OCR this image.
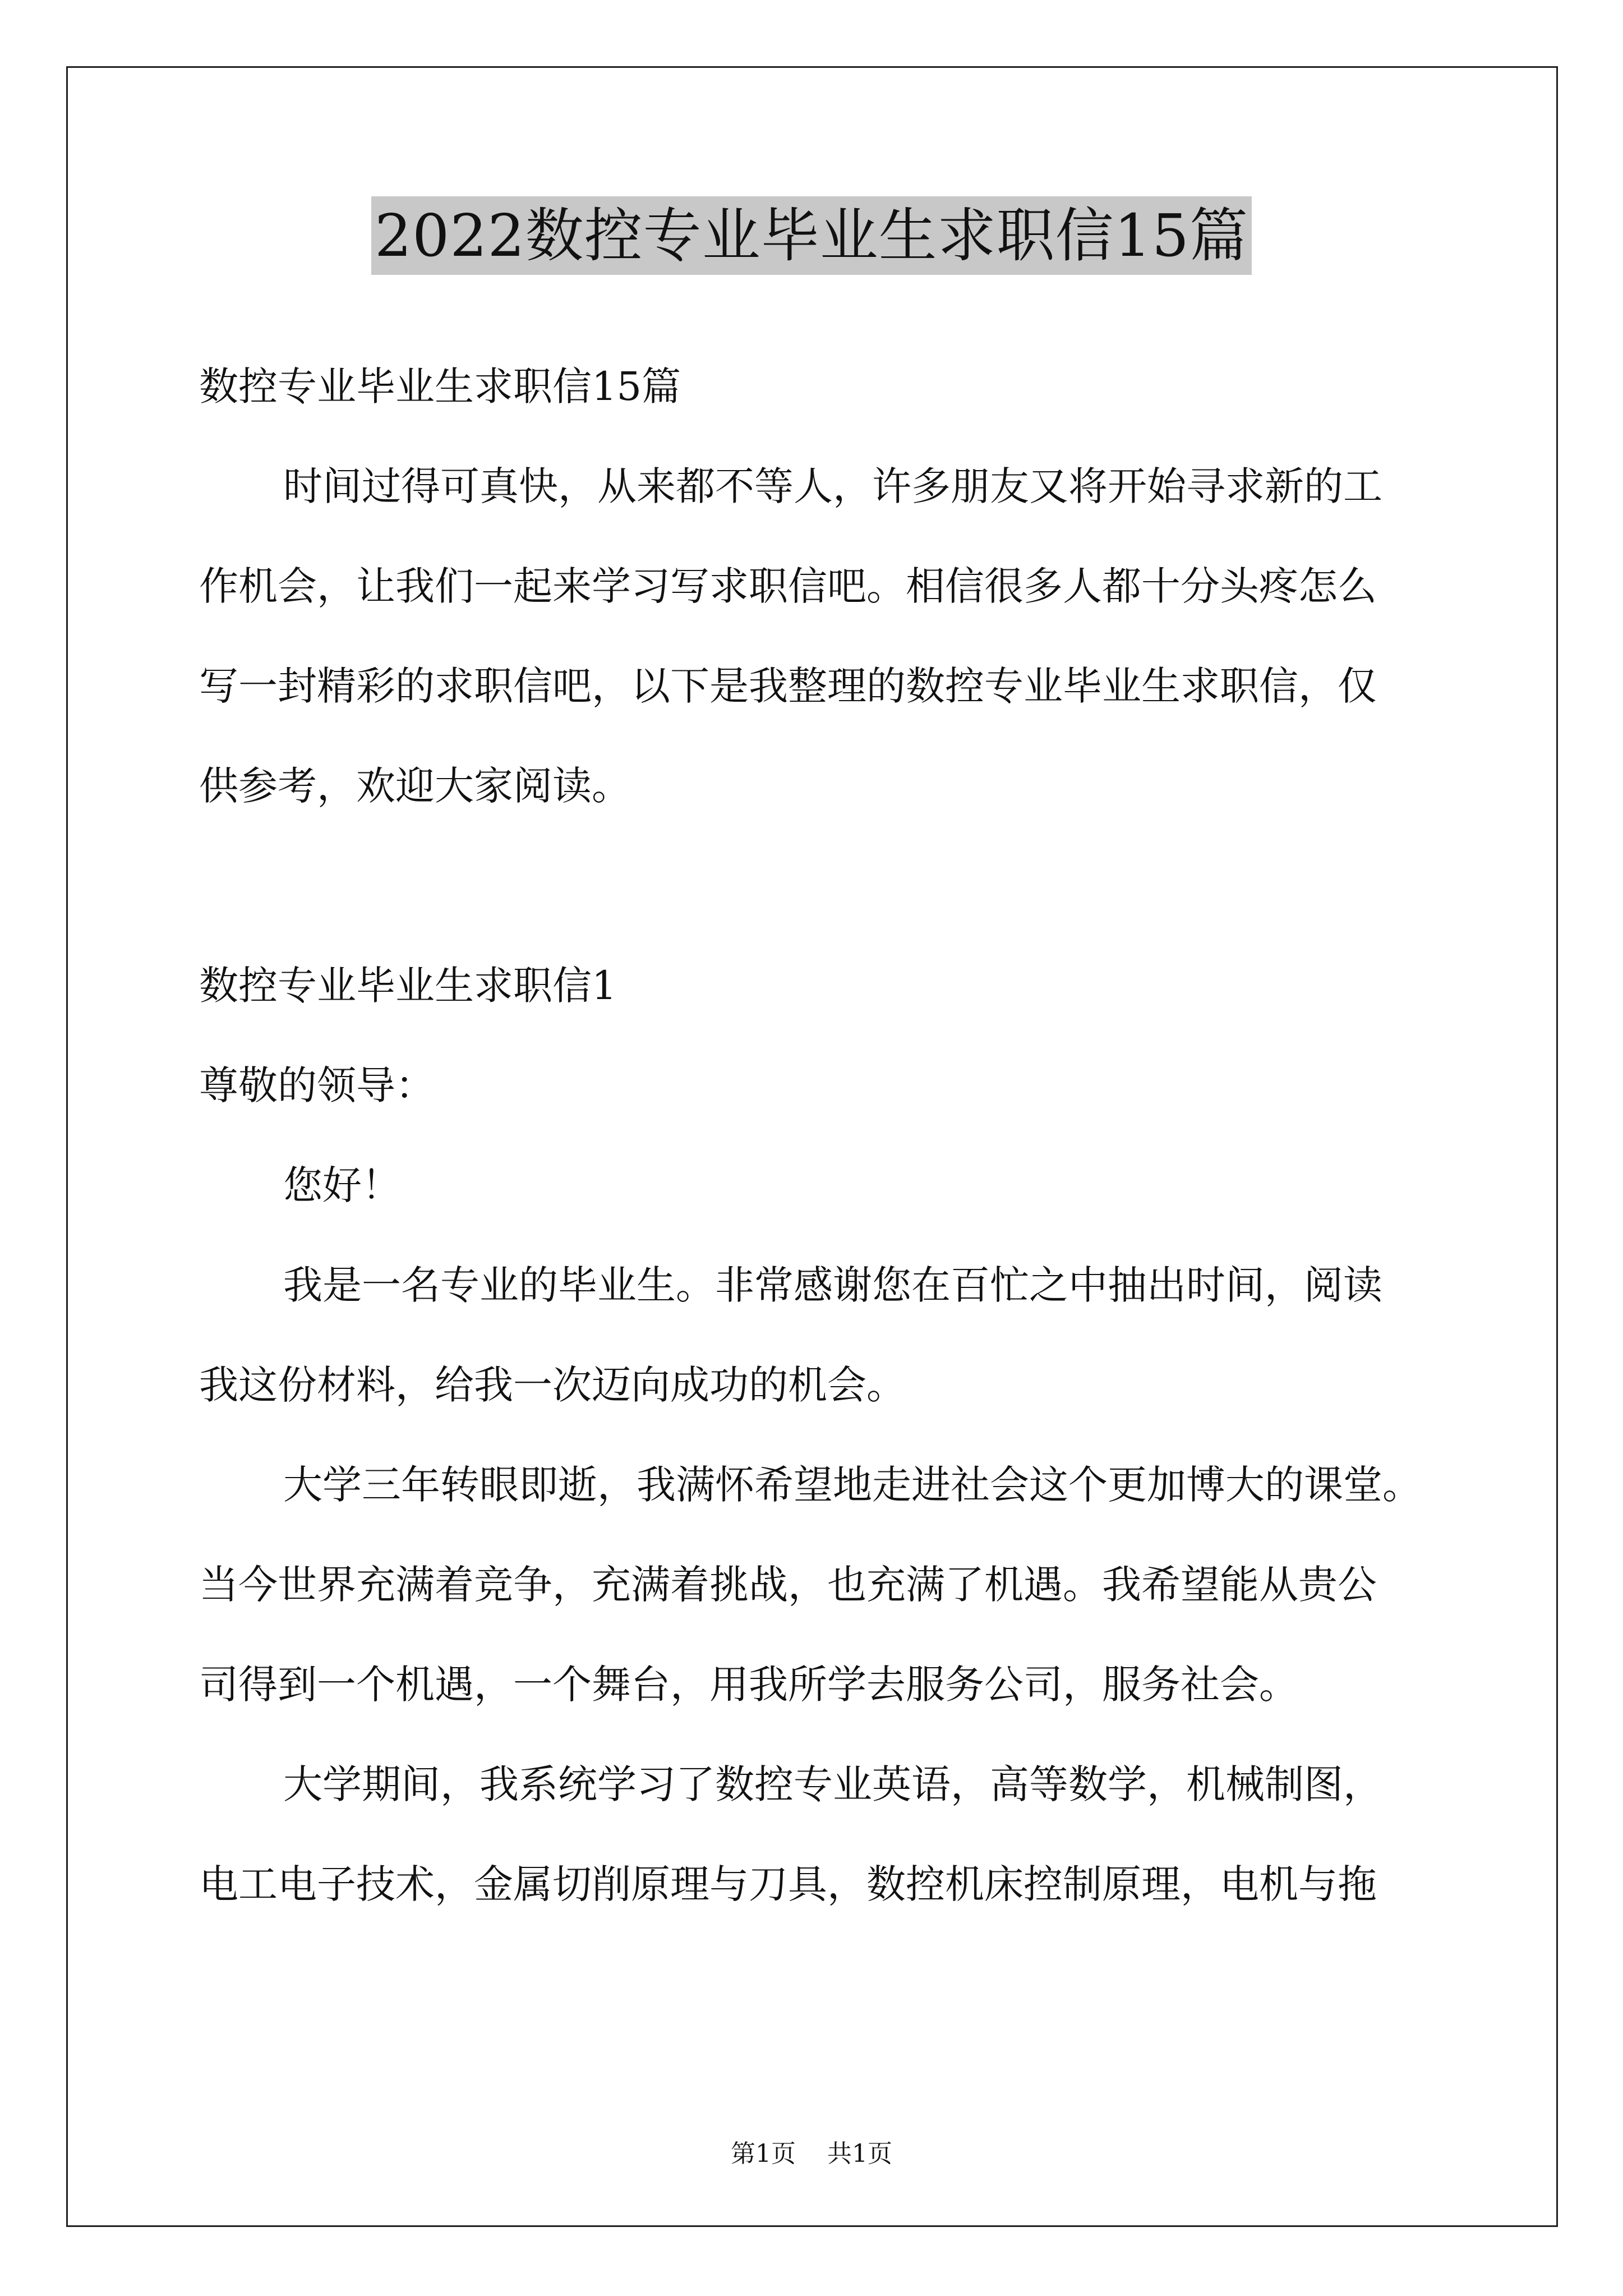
2022数控专业毕业生求职信15篇

数控专业毕业生求职信15篇

时间过得可真快，从来都不等人，许多朋友又将开始寻求新的工

作机会，让我们一起来学习写求职信吧。相信很多人都十分头疼怎么

写一封精彩的求职信吧，以下是我整理的数控专业毕业生求职信，仅

供参考，欢迎大家阅读。

数控专业毕业生求职信1

尊敬的领导：

您好！

我是一名专业的毕业生。非常感谢您在百忙之中抽出时间，阅读

我这份材料，给我一次迈向成功的机会。

大学三年转眼即逝，我满怀希望地走进社会这个更加博大的课堂。

当今世界充满着竞争，充满着挑战，也充满了机遇。我希望能从贵公

司得到一个机遇，一个舞台，用我所学去服务公司，服务社会。

大学期间，我系统学习了数控专业英语，高等数学，机械制图，

电工电子技术，金属切削原理与刀具，数控机床控制原理，电机与拖

第1页 共1页
